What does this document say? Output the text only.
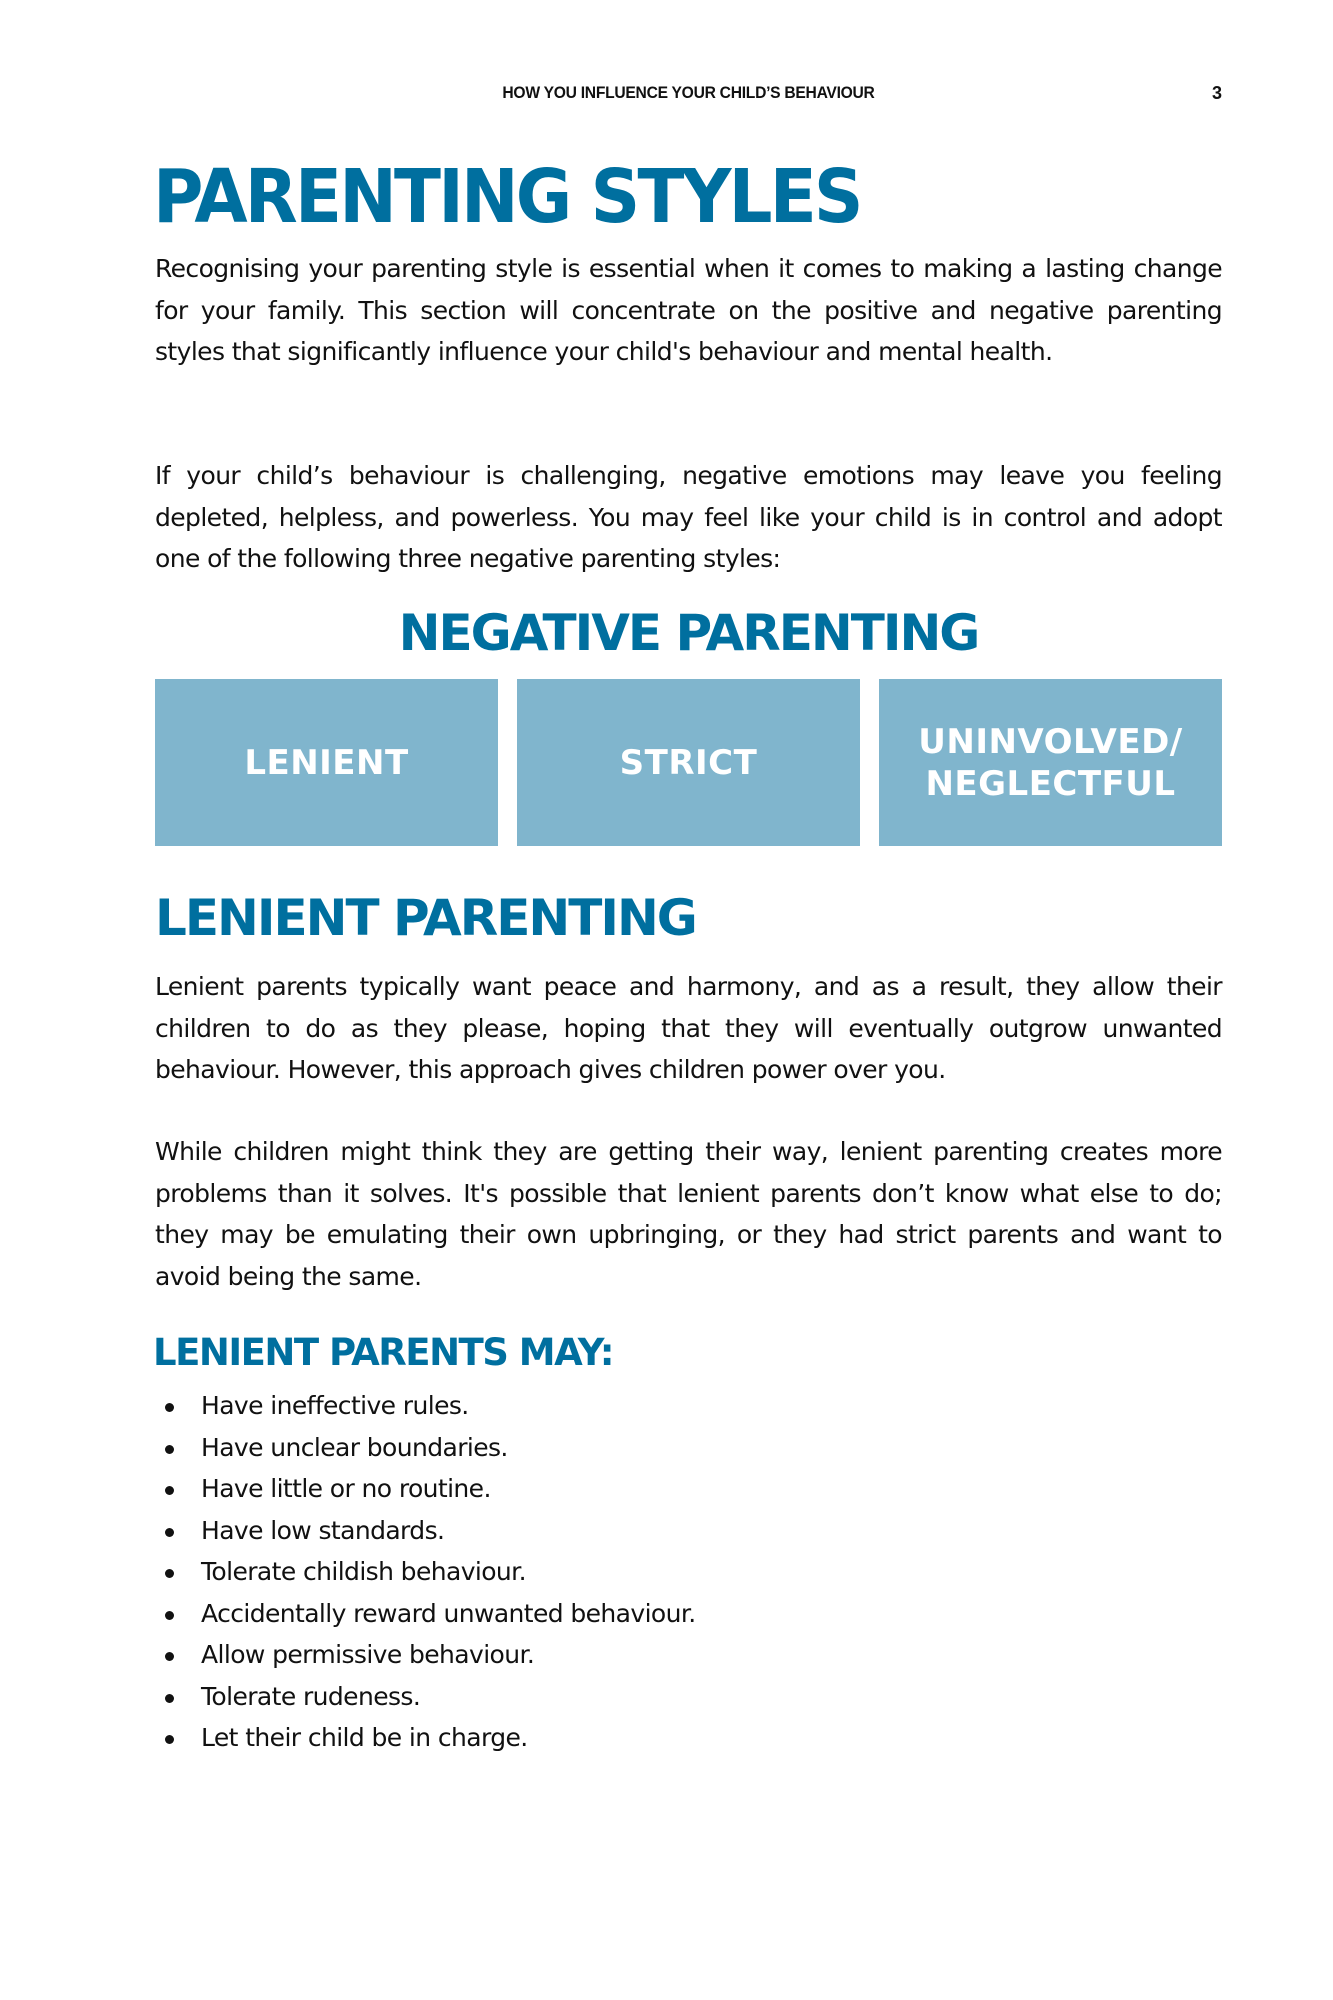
HOW YOU INFLUENCE YOUR CHILD’S BEHAVIOUR	3
PARENTING STYLES

Recognising your parenting style is essential when it comes to making a lasting change for your family. This section will concentrate on the positive and negative parenting styles that significantly influence your child's behaviour and mental health.

If your child’s behaviour is challenging, negative emotions may leave you feeling depleted, helpless, and powerless. You may feel like your child is in control and adopt one of the following three negative parenting styles:

NEGATIVE PARENTING
LENIENT	STRICT
UNINVOLVED/ NEGLECTFUL
LENIENT PARENTING

Lenient parents typically want peace and harmony, and as a result, they allow their children to do as they please, hoping that they will eventually outgrow unwanted behaviour. However, this approach gives children power over you.

While children might think they are getting their way, lenient parenting creates more problems than it solves. It's possible that lenient parents don’t know what else to do; they may be emulating their own upbringing, or they had strict parents and want to avoid being the same.

LENIENT PARENTS MAY:
Have ineffective rules.
Have unclear boundaries.
Have little or no routine.
Have low standards.
Tolerate childish behaviour.
Accidentally reward unwanted behaviour.
Allow permissive behaviour.
Tolerate rudeness.
Let their child be in charge.
